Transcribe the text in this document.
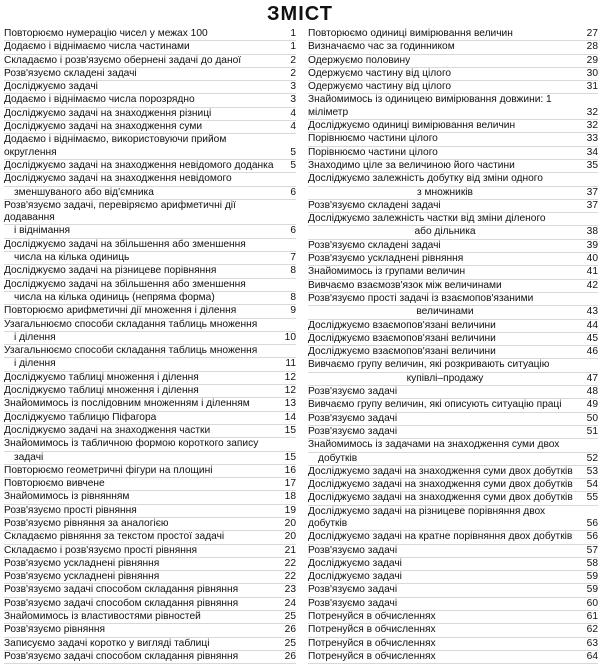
ЗМІСТ
Повторюємо нумерацію чисел у межах 100	1
Додаємо і віднімаємо числа частинами	1
Складаємо і розв'язуємо обернені задачі до даної	2
Розв'язуємо складені задачі	2
Досліджуємо задачі	3
Додаємо і віднімаємо числа порозрядно	3
Досліджуємо задачі на знаходження різниці	4
Досліджуємо задачі на знаходження суми	4
Додаємо і віднімаємо, використовуючи прийом округлення	5
Досліджуємо задачі на знаходження невідомого доданка	5
Досліджуємо задачі на знаходження невідомого
зменшуваного або від'ємника	6
Розв'язуємо задачі, перевіряємо арифметичні дії додавання
і віднімання	6
Досліджуємо задачі на збільшення або зменшення
числа на кілька одиниць	7
Досліджуємо задачі на різницеве порівняння	8
Досліджуємо задачі на збільшення або зменшення
числа на кілька одиниць (непряма форма)	8
Повторюємо арифметичні дії множення і ділення	9
Узагальнюємо способи складання таблиць множення
і ділення	10
Узагальнюємо способи складання таблиць множення
і ділення	11
Досліджуємо таблиці множення і ділення	12
Досліджуємо таблиці множення і ділення	12
Знайомимось із послідовним множенням і діленням	13
Досліджуємо таблицю Піфагора	14
Досліджуємо задачі на знаходження частки	15
Знайомимось із табличною формою короткого запису
задачі	15
Повторюємо геометричні фігури на площині	16
Повторюємо вивчене	17
Знайомимось із рівнянням	18
Розв'язуємо прості рівняння	19
Розв'язуємо рівняння за аналогією	20
Складаємо рівняння за текстом простої задачі	20
Складаємо і розв'язуємо прості рівняння	21
Розв'язуємо ускладнені рівняння	22
Розв'язуємо ускладнені рівняння	22
Розв'язуємо задачі способом складання рівняння	23
Розв'язуємо задачі способом складання рівняння	24
Знайомимось із властивостями рівностей	25
Розв'язуємо рівняння	26
Записуємо задачі коротко у вигляді таблиці	25
Розв'язуємо задачі способом складання рівняння	26
Повторюємо одиниці вимірювання величин	27
Визначаємо час за годинником	28
Одержуємо половину	29
Одержуємо частину від цілого	30
Одержуємо частину від цілого	31
Знайомимось із одиницею вимірювання довжини: 1 міліметр	32
Досліджуємо одиниці вимірювання величин	32
Порівнюємо частини цілого	33
Порівнюємо частини цілого	34
Знаходимо ціле за величиною його частини	35
Досліджуємо залежність добутку від зміни одного
з множників	37
Розв'язуємо складені задачі	37
Досліджуємо залежність частки від зміни діленого
або дільника	38
Розв'язуємо складені задачі	39
Розв'язуємо ускладнені рівняння	40
Знайомимось із групами величин	41
Вивчаємо взаємозв'язок між величинами	42
Розв'язуємо прості задачі із взаємопов'язаними
величинами	43
Досліджуємо взаємопов'язані величини	44
Досліджуємо взаємопов'язані величини	45
Досліджуємо взаємопов'язані величини	46
Вивчаємо групу величин, які розкривають ситуацію
купівлі–продажу	47
Розв'язуємо задачі	48
Вивчаємо групу величин, які описують ситуацію праці	49
Розв'язуємо задачі	50
Розв'язуємо задачі	51
Знайомимось із задачами на знаходження суми двох
добутків	52
Досліджуємо задачі на знаходження суми двох добутків	53
Досліджуємо задачі на знаходження суми двох добутків	54
Досліджуємо задачі на знаходження суми двох добутків	55
Досліджуємо задачі на різницеве порівняння двох добутків	56
Досліджуємо задачі на кратне порівняння двох добутків	56
Розв'язуємо задачі	57
Досліджуємо задачі	58
Досліджуємо задачі	59
Розв'язуємо задачі	59
Розв'язуємо задачі	60
Потренуйся в обчисленнях	61
Потренуйся в обчисленнях	62
Потренуйся в обчисленнях	63
Потренуйся в обчисленнях	64
